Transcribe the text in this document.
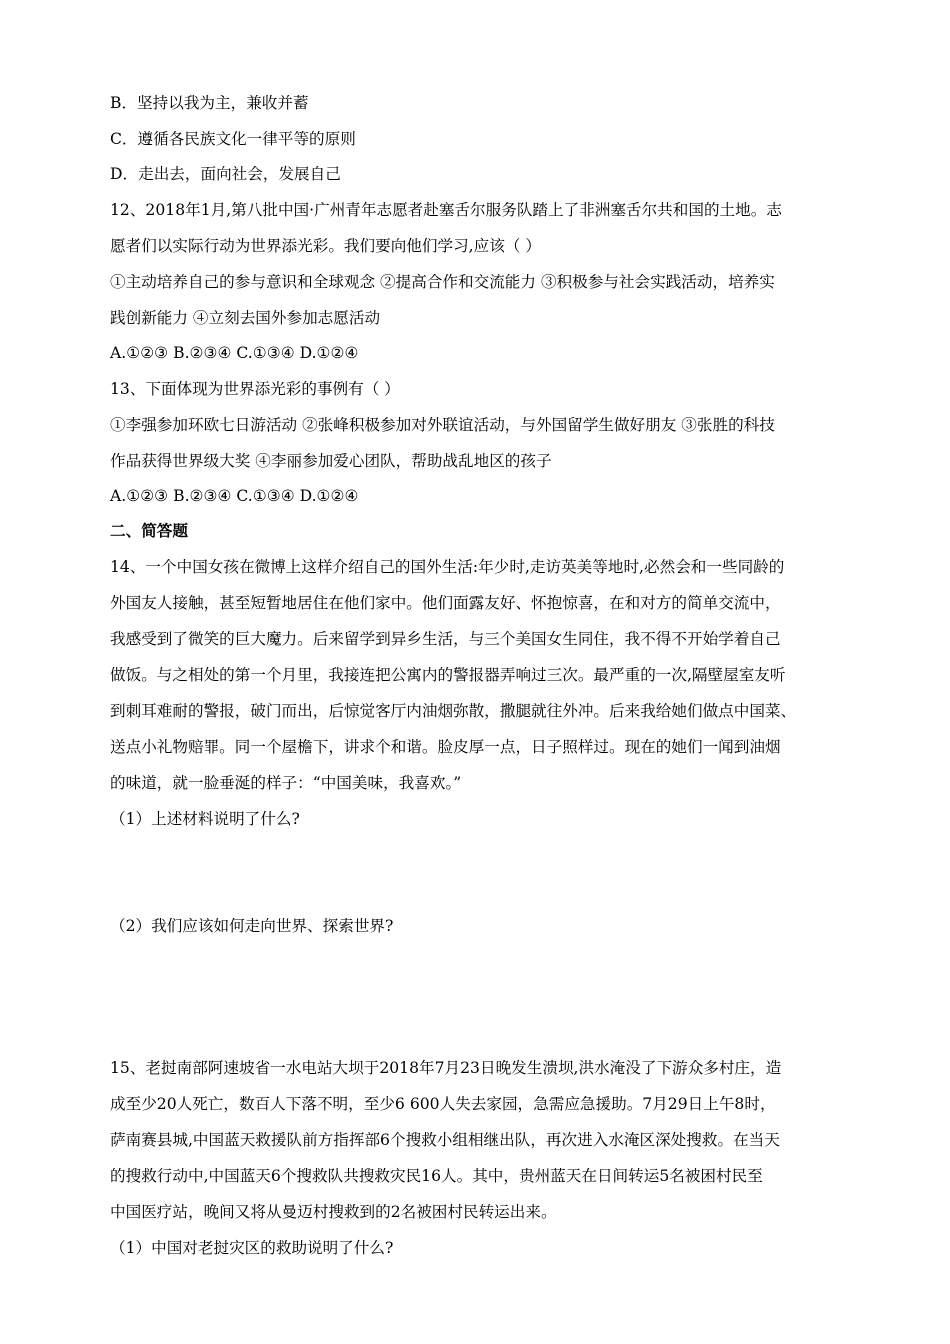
B．坚持以我为主，兼收并蓄

C．遵循各民族文化一律平等的原则

D．走出去，面向社会，发展自己

12、2018年1月,第八批中国·广州青年志愿者赴塞舌尔服务队踏上了非洲塞舌尔共和国的土地。志

愿者们以实际行动为世界添光彩。我们要向他们学习,应该（ ）

①主动培养自己的参与意识和全球观念 ②提高合作和交流能力 ③积极参与社会实践活动，培养实

践创新能力 ④立刻去国外参加志愿活动

A.①②③ B.②③④ C.①③④ D.①②④

13、下面体现为世界添光彩的事例有（ ）

①李强参加环欧七日游活动 ②张峰积极参加对外联谊活动，与外国留学生做好朋友 ③张胜的科技

作品获得世界级大奖 ④李丽参加爱心团队，帮助战乱地区的孩子

A.①②③ B.②③④ C.①③④ D.①②④

二、简答题

14、一个中国女孩在微博上这样介绍自己的国外生活:年少时,走访英美等地时,必然会和一些同龄的

外国友人接触，甚至短暂地居住在他们家中。他们面露友好、怀抱惊喜，在和对方的简单交流中，

我感受到了微笑的巨大魔力。后来留学到异乡生活，与三个美国女生同住，我不得不开始学着自己

做饭。与之相处的第一个月里，我接连把公寓内的警报器弄响过三次。最严重的一次,隔壁屋室友听

到刺耳难耐的警报，破门而出，后惊觉客厅内油烟弥散，撒腿就往外冲。后来我给她们做点中国菜、

送点小礼物赔罪。同一个屋檐下，讲求个和谐。脸皮厚一点，日子照样过。现在的她们一闻到油烟

的味道，就一脸垂涎的样子：“中国美味，我喜欢。”

（1）上述材料说明了什么?

（2）我们应该如何走向世界、探索世界?

15、老挝南部阿速坡省一水电站大坝于2018年7月23日晚发生溃坝,洪水淹没了下游众多村庄，造

成至少20人死亡，数百人下落不明，至少6 600人失去家园，急需应急援助。7月29日上午8时，

萨南赛县城,中国蓝天救援队前方指挥部6个搜救小组相继出队，再次进入水淹区深处搜救。在当天

的搜救行动中,中国蓝天6个搜救队共搜救灾民16人。其中，贵州蓝天在日间转运5名被困村民至

中国医疗站，晚间又将从曼迈村搜救到的2名被困村民转运出来。

（1）中国对老挝灾区的救助说明了什么?
